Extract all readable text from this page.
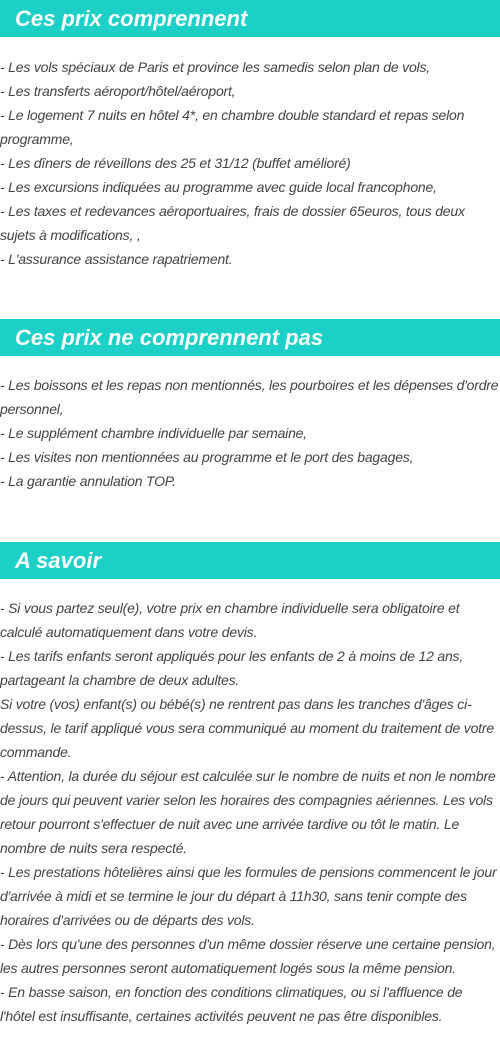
Ces prix comprennent
- Les vols spéciaux de Paris et province les samedis selon plan de vols,
- Les transferts aéroport/hôtel/aéroport,
- Le logement 7 nuits en hôtel 4*, en chambre double standard et repas selon programme,
- Les dîners de réveillons des 25 et 31/12 (buffet amélioré)
- Les excursions indiquées au programme avec guide local francophone,
- Les taxes et redevances aéroportuaires, frais de dossier 65euros, tous deux sujets à modifications, ,
- L'assurance assistance rapatriement.
Ces prix ne comprennent pas
- Les boissons et les repas non mentionnés, les pourboires et les dépenses d'ordre personnel,
- Le supplément chambre individuelle par semaine,
- Les visites non mentionnées au programme et le port des bagages,
- La garantie annulation TOP.
A savoir
- Si vous partez seul(e), votre prix en chambre individuelle sera obligatoire et calculé automatiquement dans votre devis.
- Les tarifs enfants seront appliqués pour les enfants de 2 à moins de 12 ans, partageant la chambre de deux adultes.
Si votre (vos) enfant(s) ou bébé(s) ne rentrent pas dans les tranches d'âges ci-dessus, le tarif appliqué vous sera communiqué au moment du traitement de votre commande.
- Attention, la durée du séjour est calculée sur le nombre de nuits et non le nombre de jours qui peuvent varier selon les horaires des compagnies aériennes. Les vols retour pourront s'effectuer de nuit avec une arrivée tardive ou tôt le matin. Le nombre de nuits sera respecté.
- Les prestations hôtelières ainsi que les formules de pensions commencent le jour d'arrivée à midi et se termine le jour du départ à 11h30, sans tenir compte des horaires d'arrivées ou de départs des vols.
- Dès lors qu'une des personnes d'un même dossier réserve une certaine pension, les autres personnes seront automatiquement logés sous la même pension.
- En basse saison, en fonction des conditions climatiques, ou si l'affluence de l'hôtel est insuffisante, certaines activités peuvent ne pas être disponibles.
